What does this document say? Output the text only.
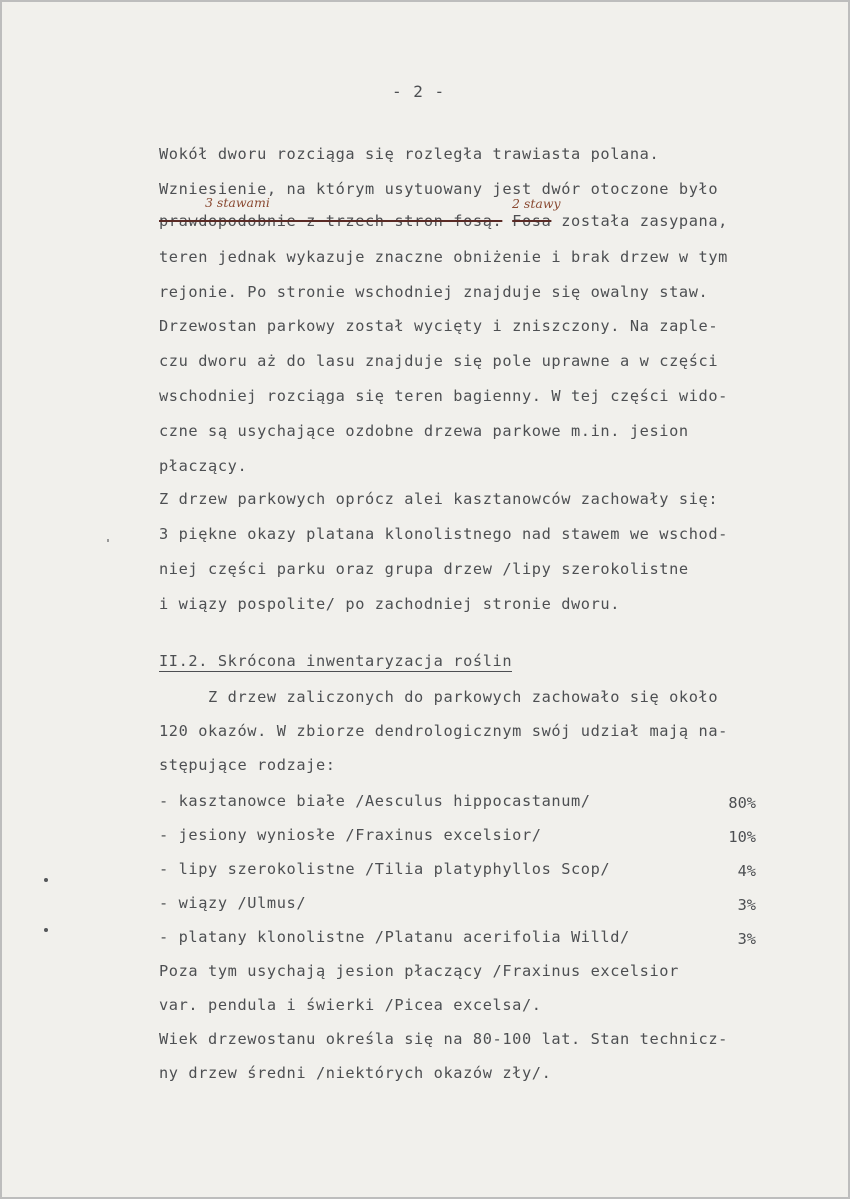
- 2 -
Wokół dworu rozciąga się rozległa trawiasta polana.
Wzniesienie, na którym usytuowany jest dwór otoczone było
3 stawami	2 stawy
prawdopodobnie z trzech stron fosą. Fosa została zasypana,
teren jednak wykazuje znaczne obniżenie i brak drzew w tym
rejonie. Po stronie wschodniej znajduje się owalny staw.
Drzewostan parkowy został wycięty i zniszczony. Na zaple-
czu dworu aż do lasu znajduje się pole uprawne a w części
wschodniej rozciąga się teren bagienny. W tej części wido-
czne są usychające ozdobne drzewa parkowe m.in. jesion
płaczący.
Z drzew parkowych oprócz alei kasztanowców zachowały się:
3 piękne okazy platana klonolistnego nad stawem we wschod-
niej części parku oraz grupa drzew /lipy szerokolistne
i wiązy pospolite/ po zachodniej stronie dworu.
II.2. Skrócona inwentaryzacja roślin
Z drzew zaliczonych do parkowych zachowało się około
120 okazów. W zbiorze dendrologicznym swój udział mają na-
stępujące rodzaje:
- kasztanowce białe /Aesculus hippocastanum/	80%
- jesiony wyniosłe /Fraxinus excelsior/	10%
- lipy szerokolistne /Tilia platyphyllos Scop/	4%
- wiązy /Ulmus/	3%
- platany klonolistne /Platanu acerifolia Willd/	3%
Poza tym usychają jesion płaczący /Fraxinus excelsior
var. pendula i świerki /Picea excelsa/.
Wiek drzewostanu określa się na 80-100 lat. Stan technicz-
ny drzew średni /niektórych okazów zły/.
